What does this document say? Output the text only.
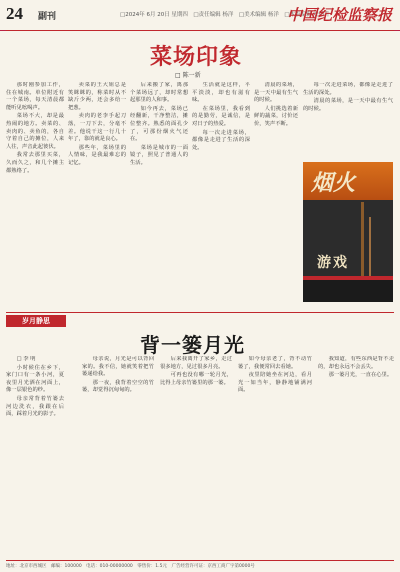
24 副刊	□2024年 6月 20日 星期四　□责任编辑 杨洋　□美术编辑 杨洋　□本版编辑 安伯升
中国纪检监察报
菜场印象
□ 陈一新

那时刚参加工作，住在城南。单位附近有一个菜场，每天清晨都能听见吆喝声。

菜场不大，却是最热闹的地方。卖菜的、卖肉的、卖鱼的，各自守着自己的摊位，人来人往，声音此起彼伏。

我常去那里买菜，久而久之，和几个摊主都熟络了。

卖菜的王大姐总是笑眯眯的，称菜时从不缺斤少两，还会多给一把葱。

卖肉的老李手起刀落，一刀下去，分毫不差。他说干这一行几十年了，靠的就是良心。

那些年，菜场里的人情味，是我最难忘的记忆。

后来搬了家，离那个菜场远了，却时常想起那里的人和事。

如今再去，菜场已经翻新，干净整洁，摊位整齐。熟悉的面孔少了，可那份烟火气还在。

菜场是城市的一面镜子，照见了普通人的生活。

生活就是这样，平平淡淡，却也有滋有味。

在菜场里，我看到的是勤劳，是诚信，是对日子的热爱。

每一次走进菜场，都像是走进了生活的深处。

清晨的菜场，是一天中最有生气的时候。

人们挑选着新鲜的蔬菜，讨价还价，笑声不断。

每一次走进菜场，都像是走进了生活的深处。

清晨的菜场，是一天中最有生气的时候。

烟火
游戏
岁月静思
背一篓月光

□ 李 明

小时候住在乡下，家门口有一条小河，夏夜里月光洒在河面上，像一层银色的纱。

母亲常背着竹篓去河边洗衣，我跟在后面，踩着月光的影子。

母亲说，月光是可以背回家的。我不信，她就笑着把竹篓递给我。

那一夜，我背着空空的竹篓，却觉得沉甸甸的。

后来我离开了家乡，走过很多地方，见过很多月亮。

可再也没有哪一轮月光，比得上母亲竹篓里的那一篓。

如今母亲老了，背不动竹篓了，我便常回去看她。

夜里陪她坐在河边，看月光一如当年，静静地铺满河面。

我知道，有些东西是背不走的，却也永远不会丢失。

那一篓月光，一直在心里。

地址：北京市西城区　邮编：100000　电话：010-00000000　零售价：1.5元　广告经营许可证：京西工商广字第0000号
